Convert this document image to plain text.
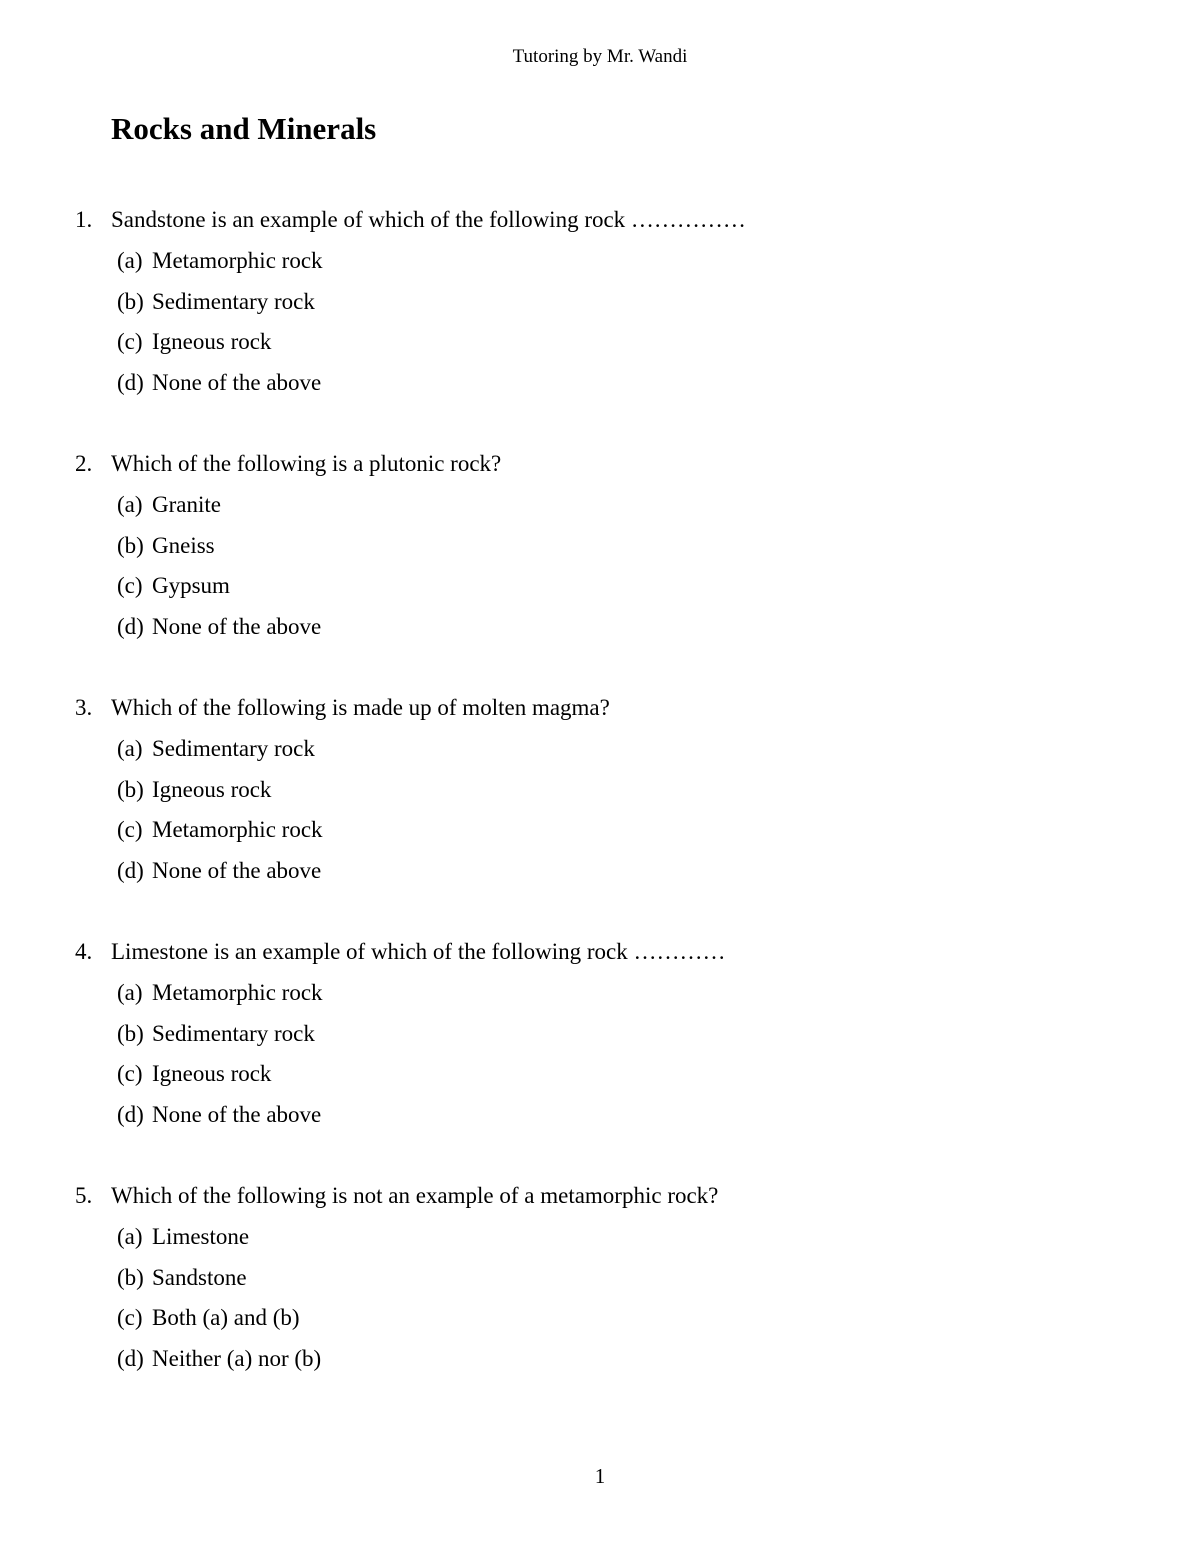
Tutoring by Mr. Wandi
Rocks and Minerals
1. Sandstone is an example of which of the following rock ……………
(a) Metamorphic rock
(b) Sedimentary rock
(c) Igneous rock
(d) None of the above
2. Which of the following is a plutonic rock?
(a) Granite
(b) Gneiss
(c) Gypsum
(d) None of the above
3. Which of the following is made up of molten magma?
(a) Sedimentary rock
(b) Igneous rock
(c) Metamorphic rock
(d) None of the above
4. Limestone is an example of which of the following rock …………
(a) Metamorphic rock
(b) Sedimentary rock
(c) Igneous rock
(d) None of the above
5. Which of the following is not an example of a metamorphic rock?
(a) Limestone
(b) Sandstone
(c) Both (a) and (b)
(d) Neither (a) nor (b)
1
